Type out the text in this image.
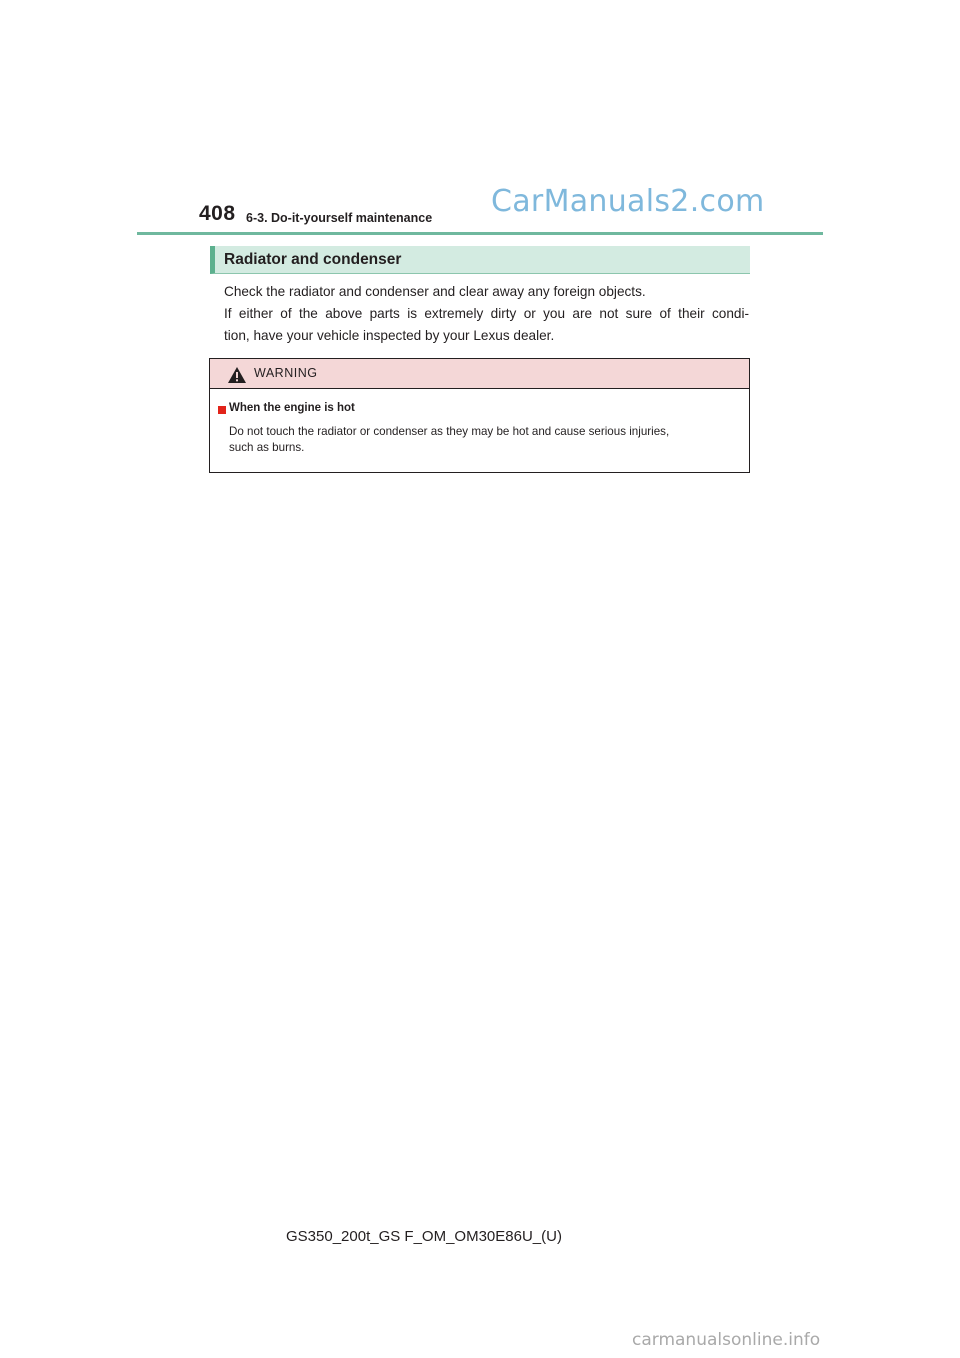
408 6-3. Do-it-yourself maintenance CarManuals2.com
Radiator and condenser
Check the radiator and condenser and clear away any foreign objects.
If either of the above parts is extremely dirty or you are not sure of their condi-
tion, have your vehicle inspected by your Lexus dealer.
WARNING
When the engine is hot
Do not touch the radiator or condenser as they may be hot and cause serious injuries,
such as burns.
GS350_200t_GS F_OM_OM30E86U_(U)
carmanualsonline.info
